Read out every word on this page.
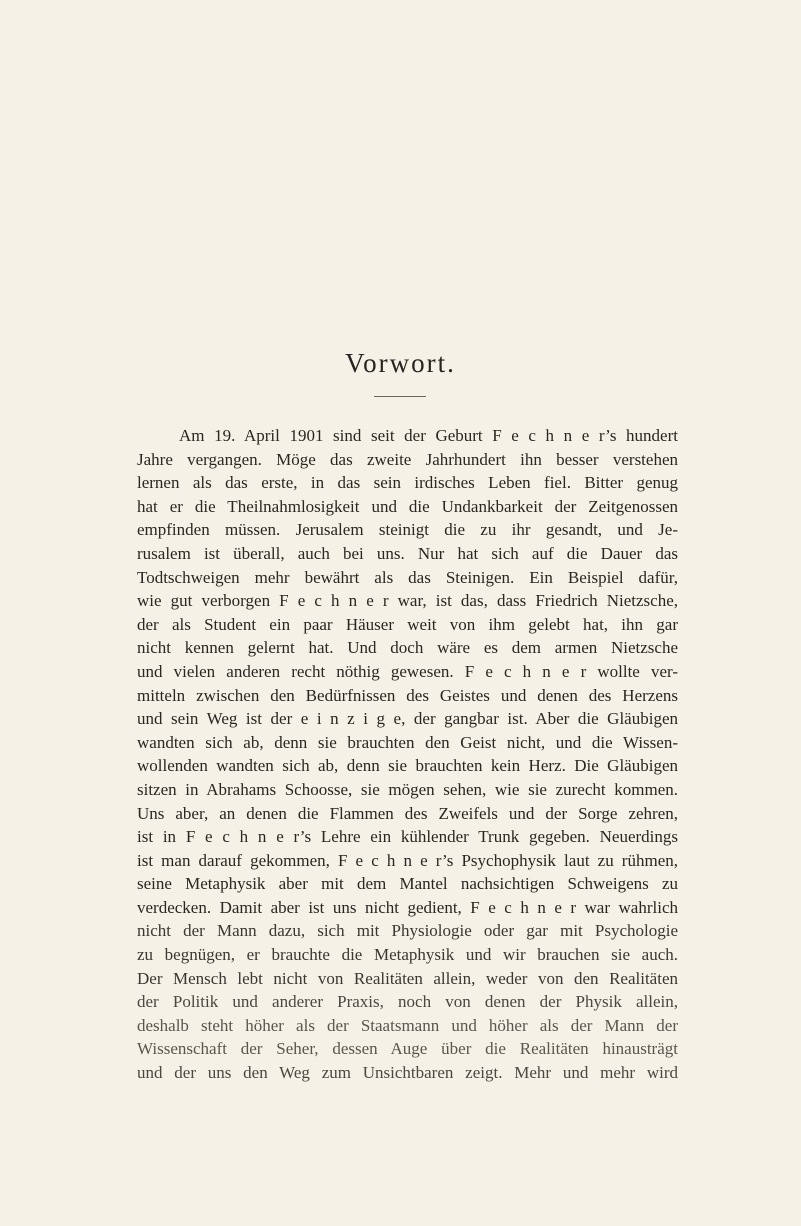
Vorwort.
Am 19. April 1901 sind seit der Geburt F e c h n e r’s hundert
Jahre vergangen. Möge das zweite Jahrhundert ihn besser verstehen
lernen als das erste, in das sein irdisches Leben fiel. Bitter genug
hat er die Theilnahmlosigkeit und die Undankbarkeit der Zeitgenossen
empfinden müssen. Jerusalem steinigt die zu ihr gesandt, und Je-
rusalem ist überall, auch bei uns. Nur hat sich auf die Dauer das
Todtschweigen mehr bewährt als das Steinigen. Ein Beispiel dafür,
wie gut verborgen F e c h n e r war, ist das, dass Friedrich Nietzsche,
der als Student ein paar Häuser weit von ihm gelebt hat, ihn gar
nicht kennen gelernt hat. Und doch wäre es dem armen Nietzsche
und vielen anderen recht nöthig gewesen. F e c h n e r wollte ver-
mitteln zwischen den Bedürfnissen des Geistes und denen des Herzens
und sein Weg ist der e i n z i g e, der gangbar ist. Aber die Gläubigen
wandten sich ab, denn sie brauchten den Geist nicht, und die Wissen-
wollenden wandten sich ab, denn sie brauchten kein Herz. Die Gläubigen
sitzen in Abrahams Schoosse, sie mögen sehen, wie sie zurecht kommen.
Uns aber, an denen die Flammen des Zweifels und der Sorge zehren,
ist in F e c h n e r’s Lehre ein kühlender Trunk gegeben. Neuerdings
ist man darauf gekommen, F e c h n e r’s Psychophysik laut zu rühmen,
seine Metaphysik aber mit dem Mantel nachsichtigen Schweigens zu
verdecken. Damit aber ist uns nicht gedient, F e c h n e r war wahrlich
nicht der Mann dazu, sich mit Physiologie oder gar mit Psychologie
zu begnügen, er brauchte die Metaphysik und wir brauchen sie auch.
Der Mensch lebt nicht von Realitäten allein, weder von den Realitäten
der Politik und anderer Praxis, noch von denen der Physik allein,
deshalb steht höher als der Staatsmann und höher als der Mann der
Wissenschaft der Seher, dessen Auge über die Realitäten hinausträgt
und der uns den Weg zum Unsichtbaren zeigt. Mehr und mehr wird
